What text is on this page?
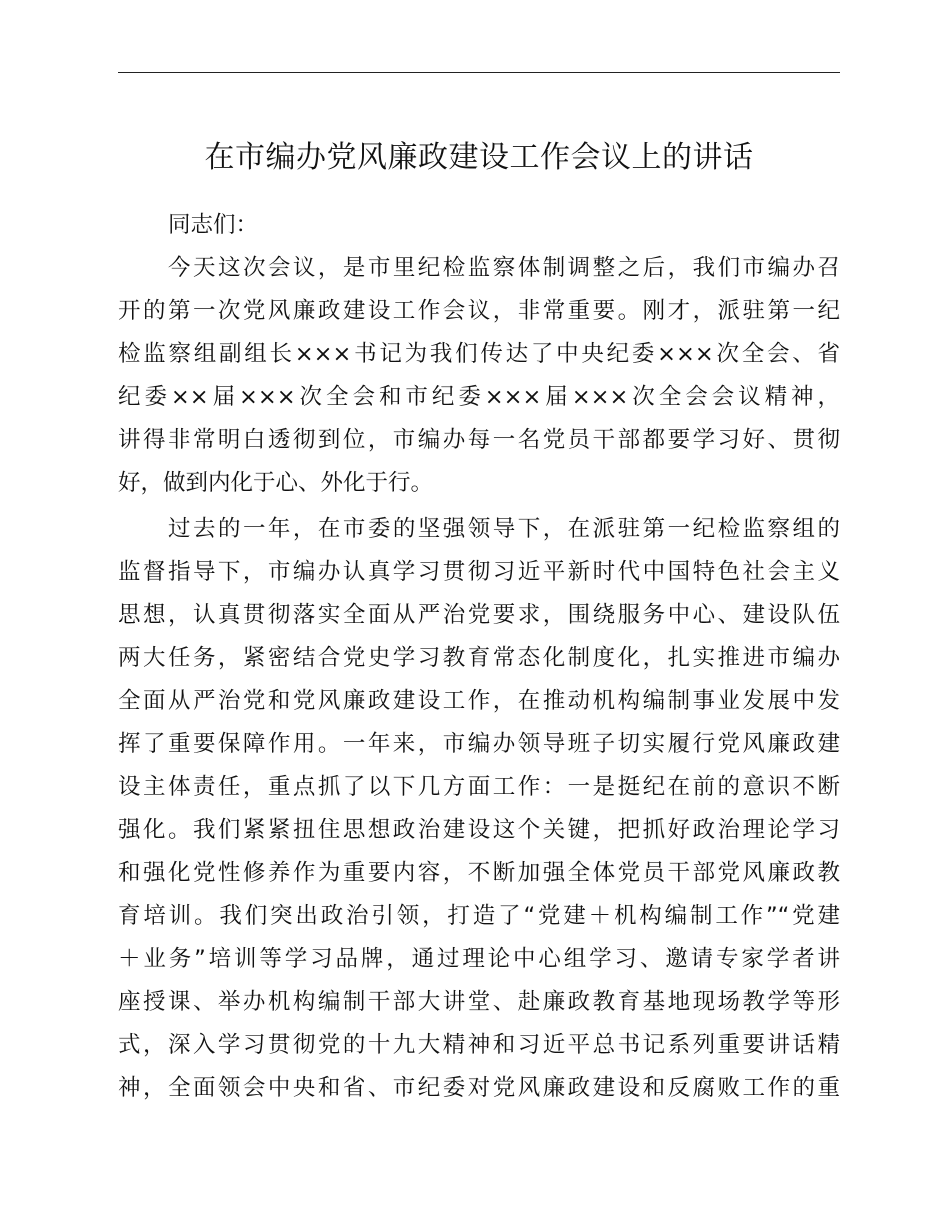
在市编办党风廉政建设工作会议上的讲话
同志们：
今天这次会议，是市里纪检监察体制调整之后，我们市编办召
开的第一次党风廉政建设工作会议，非常重要。刚才，派驻第一纪
检监察组副组长×××书记为我们传达了中央纪委×××次全会、省
纪委××届×××次全会和市纪委×××届×××次全会会议精神，
讲得非常明白透彻到位，市编办每一名党员干部都要学习好、贯彻
好，做到内化于心、外化于行。
过去的一年，在市委的坚强领导下，在派驻第一纪检监察组的
监督指导下，市编办认真学习贯彻习近平新时代中国特色社会主义
思想，认真贯彻落实全面从严治党要求，围绕服务中心、建设队伍
两大任务，紧密结合党史学习教育常态化制度化，扎实推进市编办
全面从严治党和党风廉政建设工作，在推动机构编制事业发展中发
挥了重要保障作用。一年来，市编办领导班子切实履行党风廉政建
设主体责任，重点抓了以下几方面工作：一是挺纪在前的意识不断
强化。我们紧紧扭住思想政治建设这个关键，把抓好政治理论学习
和强化党性修养作为重要内容，不断加强全体党员干部党风廉政教
育培训。我们突出政治引领，打造了“党建＋机构编制工作”“党建
＋业务”培训等学习品牌，通过理论中心组学习、邀请专家学者讲
座授课、举办机构编制干部大讲堂、赴廉政教育基地现场教学等形
式，深入学习贯彻党的十九大精神和习近平总书记系列重要讲话精
神，全面领会中央和省、市纪委对党风廉政建设和反腐败工作的重
